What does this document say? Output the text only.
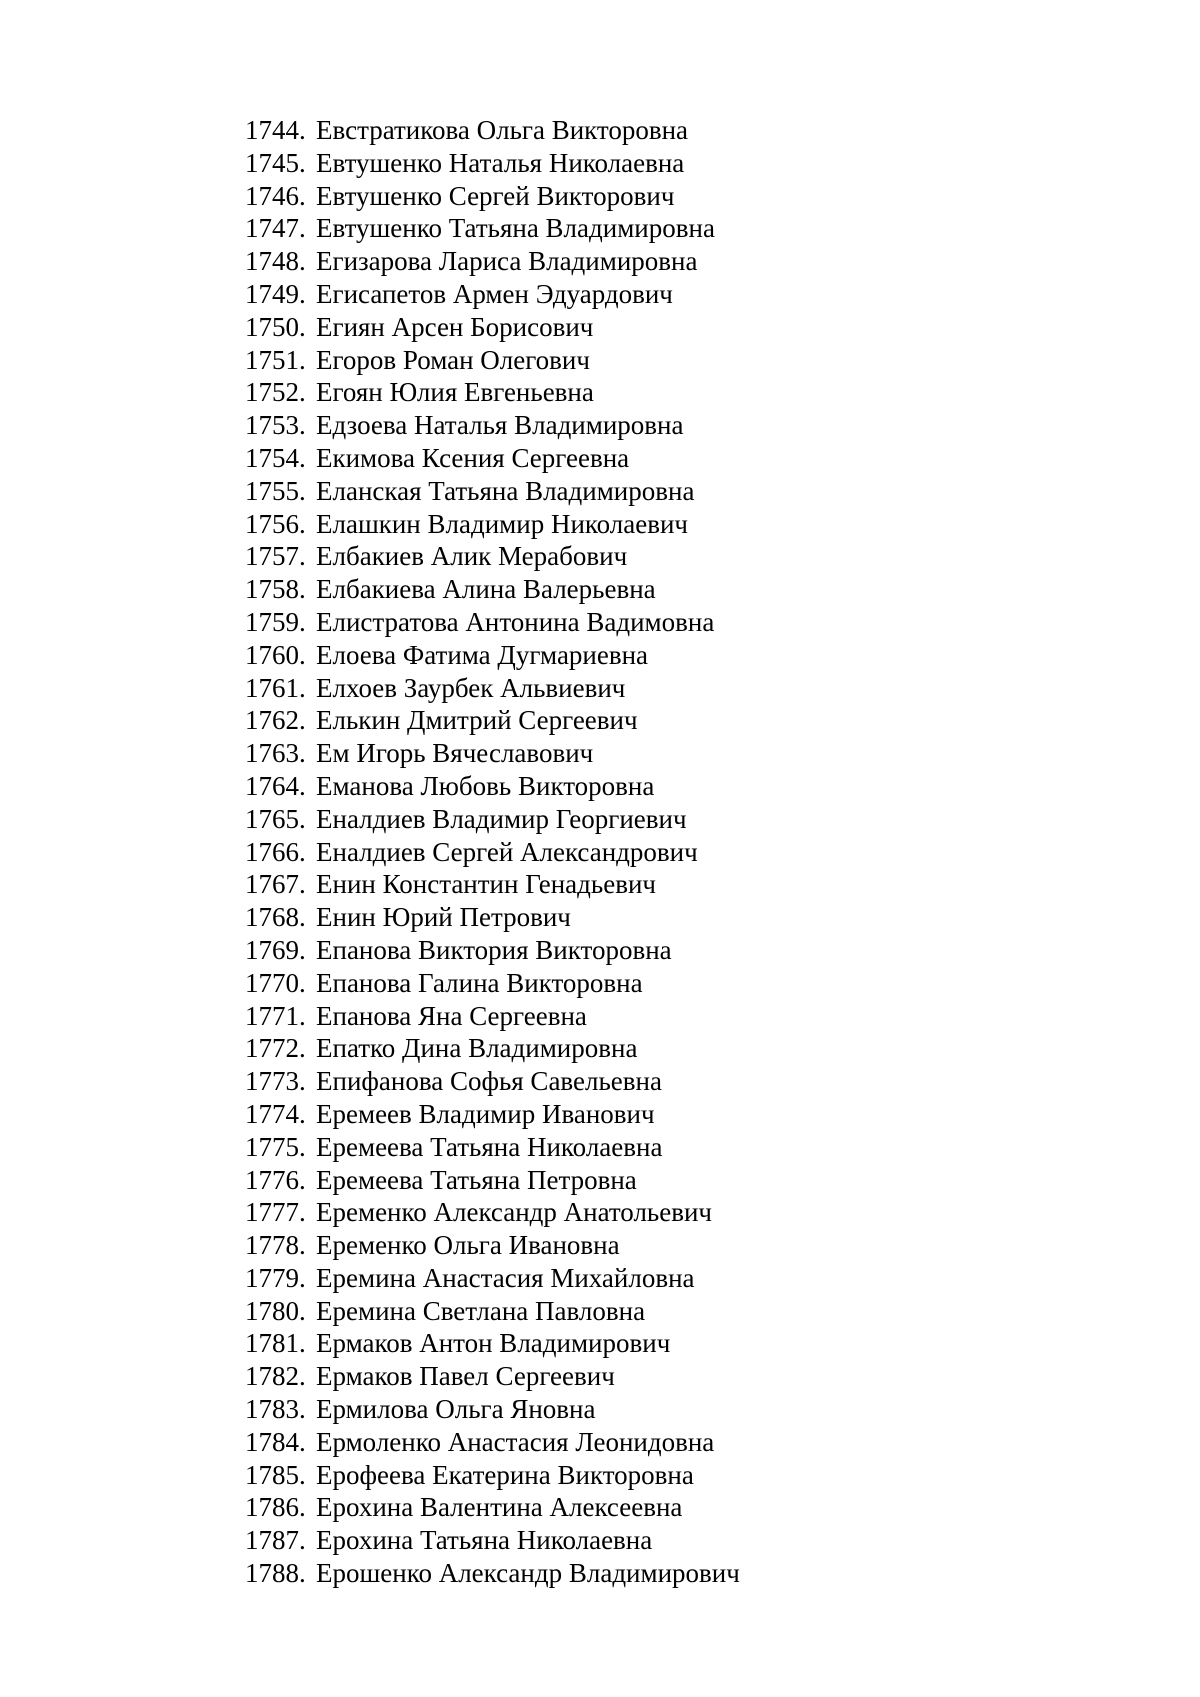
1744. Евстратикова Ольга Викторовна
1745. Евтушенко Наталья Николаевна
1746. Евтушенко Сергей Викторович
1747. Евтушенко Татьяна Владимировна
1748. Егизарова Лариса Владимировна
1749. Егисапетов Армен Эдуардович
1750. Егиян Арсен Борисович
1751. Егоров Роман Олегович
1752. Егоян Юлия Евгеньевна
1753. Едзоева Наталья Владимировна
1754. Екимова Ксения Сергеевна
1755. Еланская Татьяна Владимировна
1756. Елашкин Владимир Николаевич
1757. Елбакиев Алик Мерабович
1758. Елбакиева Алина Валерьевна
1759. Елистратова Антонина Вадимовна
1760. Елоева Фатима Дугмариевна
1761. Елхоев Заурбек Альвиевич
1762. Елькин Дмитрий Сергеевич
1763. Ем Игорь Вячеславович
1764. Еманова Любовь Викторовна
1765. Еналдиев Владимир Георгиевич
1766. Еналдиев Сергей Александрович
1767. Енин Константин Генадьевич
1768. Енин Юрий Петрович
1769. Епанова Виктория Викторовна
1770. Епанова Галина Викторовна
1771. Епанова Яна Сергеевна
1772. Епатко Дина Владимировна
1773. Епифанова Софья Савельевна
1774. Еремеев Владимир Иванович
1775. Еремеева Татьяна Николаевна
1776. Еремеева Татьяна Петровна
1777. Еременко Александр Анатольевич
1778. Еременко Ольга Ивановна
1779. Еремина Анастасия Михайловна
1780. Еремина Светлана Павловна
1781. Ермаков Антон Владимирович
1782. Ермаков Павел Сергеевич
1783. Ермилова Ольга Яновна
1784. Ермоленко Анастасия Леонидовна
1785. Ерофеева Екатерина Викторовна
1786. Ерохина Валентина Алексеевна
1787. Ерохина Татьяна Николаевна
1788. Ерошенко Александр Владимирович
